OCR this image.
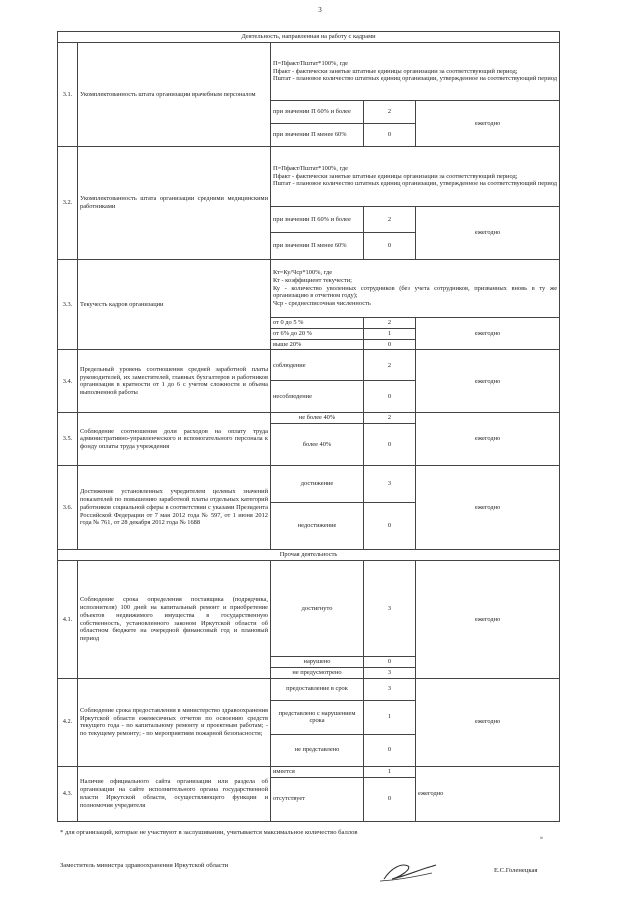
3
Деятельность, направленная на работу с кадрами				
3.1.	Укомплектованность штата организации врачебным персоналом	П=Пфакт/Пштат*100%, где
Пфакт - фактически занятые штатные единицы организации за соответствующий период;
Пштат - плановое количество штатных единиц организации, утвержденное на соответствующий период		

		при значении П 60% и более	2	ежегодно
		при значении П менее 60%	0	
3.2.	Укомплектованность штата организации средними медицинскими работниками	П=Пфакт/Пштат*100%, где
Пфакт - фактически занятые штатные единицы организации за соответствующий период;
Пштат - плановое количество штатных единиц организации, утвержденное на соответствующий период		

		при значении П 60% и более	2	ежегодно
		при значении П менее 60%	0	
3.3.	Текучесть кадров организации	Кт=Ку/Чср*100%, где
Кт - коэффициент текучести;
Ку - количество уволенных сотрудников (без учета сотрудников, призванных вновь в ту же организацию в отчетном году);
Чср - среднесписочная численность		

		от 0 до 5 %	2	ежегодно
		от 6% до 20 %	1	
		выше 20%	0	
3.4.	Предельный уровень соотношения средней заработной платы руководителей, их заместителей, главных бухгалтеров и работников организация в кратности от 1 до 6 с учетом сложности и объема выполненной работы	соблюдение	2	ежегодно
		несоблюдение	0	
3.5.	Соблюдение соотношения доли расходов на оплату труда административно-управленческого и вспомогательного персонала к фонду оплаты труда учреждения	не более 40%	2	ежегодно
		более 40%	0	
3.6.	Достижение установленных учредителем целевых значений показателей по повышению заработной платы отдельных категорий работников социальной сферы в соответствии с указами Президента Российской Федерации от 7 мая 2012 года № 597, от 1 июня 2012 года № 761, от 28 декабря 2012 года № 1688	достижение	3	ежегодно
		недостижение	0	
Прочая деятельность				
4.1.	Соблюдение срока определения поставщика (подрядчика, исполнителя) 100 дней на капитальный ремонт и приобретение объектов недвижимого имущества в государственную собственность, установленного законом Иркутской области об областном бюджете на очередной финансовый год и плановый период	достигнуто	3	ежегодно
		нарушено	0	
		не предусмотрено	3	
4.2.	Соблюдение срока предоставления в министерство здравоохранения Иркутской области ежемесячных отчетов по освоению средств текущего года - по капитальному ремонту и проектным работам; - по текущему ремонту; - по мероприятиям пожарной безопасности;	предоставление в срок	3	ежегодно
		представлено с нарушением срока	1	
		не представлено	0	
4.3.	Наличие официального сайта организации или раздела об организации на сайте исполнительного органа государственной власти Иркутской области, осуществляющего функции и полномочия учредителя	имеется	1	ежегодно
		отсутствует	0	
* для организаций, которые не участвуют в заслушивании, учитывается максимальное количество баллов
»
Заместитель министра здравоохранения Иркутской области
Е.С.Голенецкая
